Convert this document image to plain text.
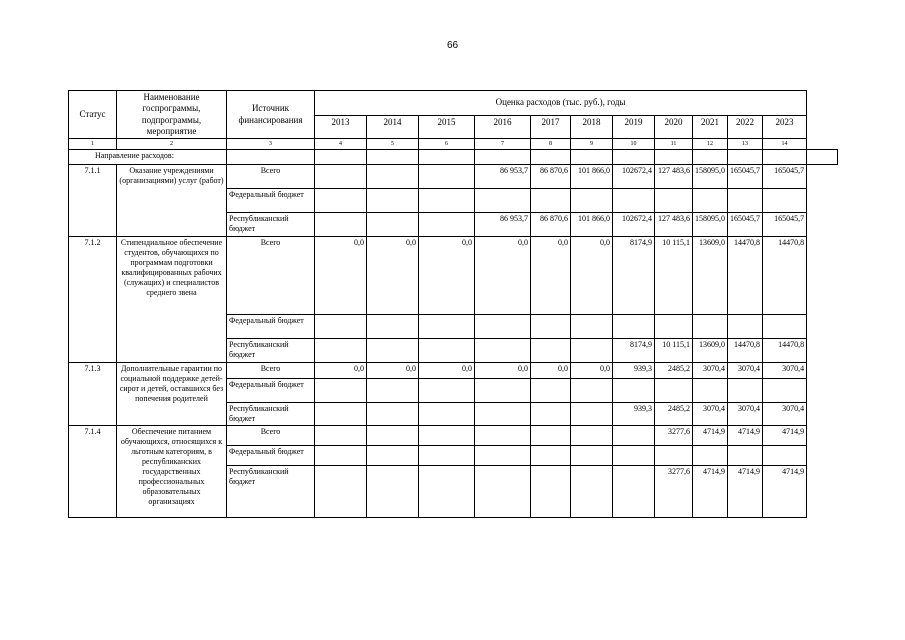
66
Статус	Наименование госпрограммы, подпрограммы, мероприятие	Источник финансирования	Оценка расходов (тыс. руб.), годы											
			2013	2014	2015	2016	2017	2018	2019	2020	2021	2022	2023	
1	2	3	4	5	6	7	8	9	10	11	12	13	14	
Направление расходов:														
7.1.1	Оказание учреждениями (организациями) услуг (работ)	Всего				86 953,7	86 870,6	101 866,0	102672,4	127 483,6	158095,0	165045,7	165045,7	
		Федеральный бюджет												
		Республиканский бюджет				86 953,7	86 870,6	101 866,0	102672,4	127 483,6	158095,0	165045,7	165045,7	
7.1.2	Стипендиальное обеспечение студентов, обучающихся по программам подготовки квалифицированных рабочих (служащих) и специалистов среднего звена	Всего	0,0	0,0	0,0	0,0	0,0	0,0	8174,9	10 115,1	13609,0	14470,8	14470,8	
		Федеральный бюджет												
		Республиканский бюджет							8174,9	10 115,1	13609,0	14470,8	14470,8	
7.1.3	Дополнительные гарантии по социальной поддержке детей-сирот и детей, оставшихся без попечения родителей	Всего	0,0	0,0	0,0	0,0	0,0	0,0	939,3	2485,2	3070,4	3070,4	3070,4	
		Федеральный бюджет												
		Республиканский бюджет							939,3	2485,2	3070,4	3070,4	3070,4	
7.1.4	Обеспечение питанием обучающихся, относящихся к льготным категориям, в республиканских государственных профессиональных образовательных организациях	Всего								3277,6	4714,9	4714,9	4714,9	
		Федеральный бюджет												
		Республиканский бюджет								3277,6	4714,9	4714,9	4714,9	
